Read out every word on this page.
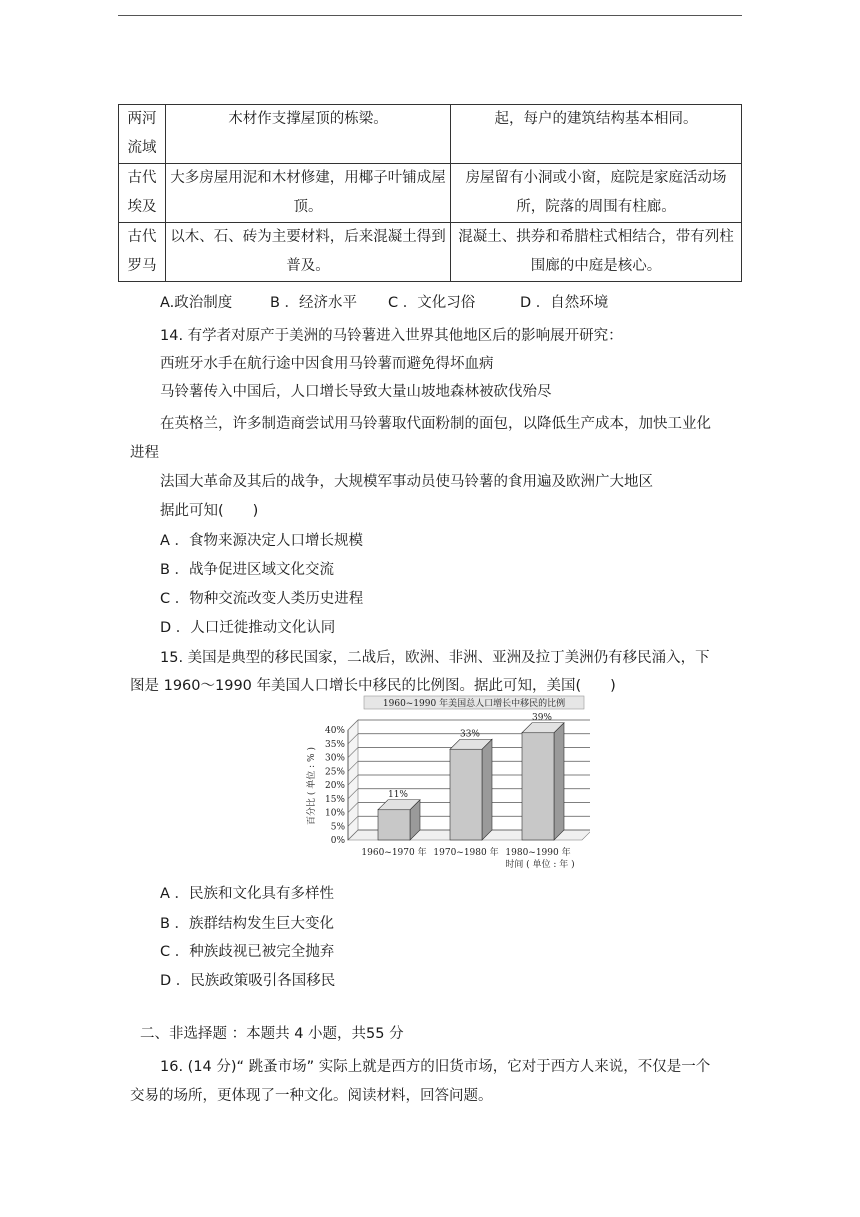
两河流域	木材作支撑屋顶的栋梁。	起，每户的建筑结构基本相同。
古代埃及	大多房屋用泥和木材修建，用椰子叶铺成屋顶。	房屋留有小洞或小窗，庭院是家庭活动场所，院落的周围有柱廊。
古代罗马	以木、石、砖为主要材料，后来混凝土得到普及。	混凝土、拱券和希腊柱式相结合，带有列柱围廊的中庭是核心。
A.政治制度	B ．经济水平 C ．文化习俗	D ．自然环境
14. 有学者对原产于美洲的马铃薯进入世界其他地区后的影响展开研究：
西班牙水手在航行途中因食用马铃薯而避免得坏血病
马铃薯传入中国后，人口增长导致大量山坡地森林被砍伐殆尽
在英格兰，许多制造商尝试用马铃薯取代面粉制的面包，以降低生产成本，加快工业化
进程
法国大革命及其后的战争，大规模军事动员使马铃薯的食用遍及欧洲广大地区
据此可知(　　)
A ．食物来源决定人口增长规模
B ．战争促进区域文化交流
C ．物种交流改变人类历史进程
D ．人口迁徙推动文化认同
15. 美国是典型的移民国家，二战后，欧洲、非洲、亚洲及拉丁美洲仍有移民涌入，下
图是 1960～1990 年美国人口增长中移民的比例图。据此可知，美国(　　)
1960~1990 年美国总人口增长中移民的比例
0%
5%
10%
15%
20%
25%
30%
35%
40%
百分比 ( 单位 : % )	11%
1960~1970 年
33%
1970~1980 年
39%
1980~1990 年
时间 ( 单位 : 年 )
A ．民族和文化具有多样性
B ．族群结构发生巨大变化
C ．种族歧视已被完全抛弃
D ．民族政策吸引各国移民
二、非选择题 ：本题共 4 小题，共55 分
16. (14 分)“ 跳蚤市场” 实际上就是西方的旧货市场，它对于西方人来说，不仅是一个
交易的场所，更体现了一种文化。阅读材料，回答问题。
